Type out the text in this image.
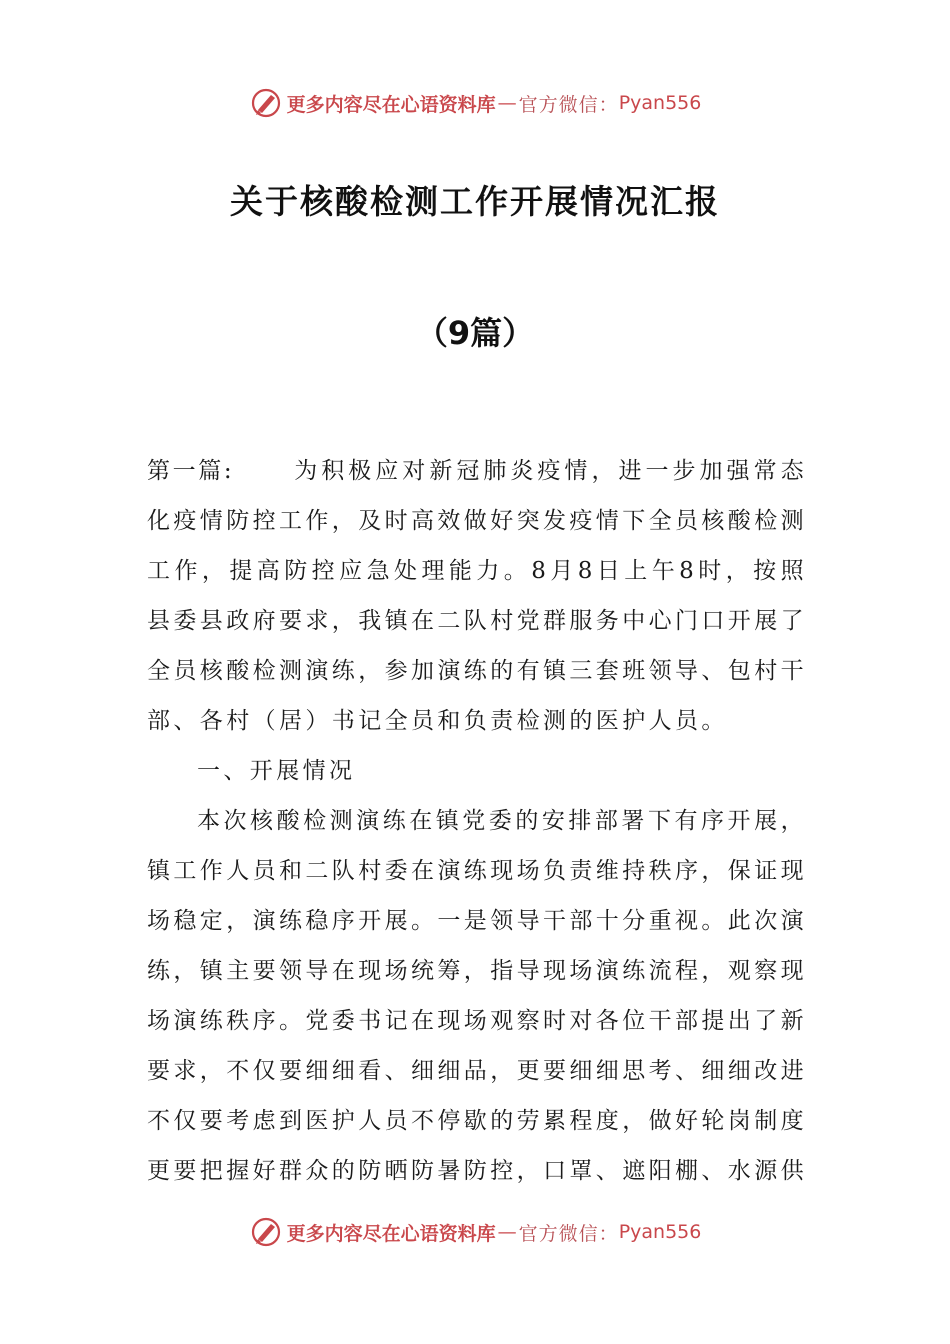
更多内容尽在心语资料库 — 官方微信： Pyan556
关于核酸检测工作开展情况汇报
（9篇）

第一篇:	为积极应对新冠肺炎疫情，进一步加强常态化疫情防控工作，及时高效做好突发疫情下全员核酸检测工作，提高防控应急处理能力。8月8日上午8时，按照县委县政府要求，我镇在二队村党群服务中心门口开展了全员核酸检测演练，参加演练的有镇三套班领导、包村干部、各村（居）书记全员和负责检测的医护人员。

一、开展情况

本次核酸检测演练在镇党委的安排部署下有序开展，镇工作人员和二队村委在演练现场负责维持秩序，保证现场稳定，演练稳序开展。一是领导干部十分重视。此次演练，镇主要领导在现场统筹，指导现场演练流程，观察现场演练秩序。党委书记在现场观察时对各位干部提出了新要求，不仅要细细看、细细品，更要细细思考、细细改进不仅要考虑到医护人员不停歇的劳累程度，做好轮岗制度更要把握好群众的防晒防暑防控，口罩、遮阳棚、水源供

更多内容尽在心语资料库 — 官方微信： Pyan556
